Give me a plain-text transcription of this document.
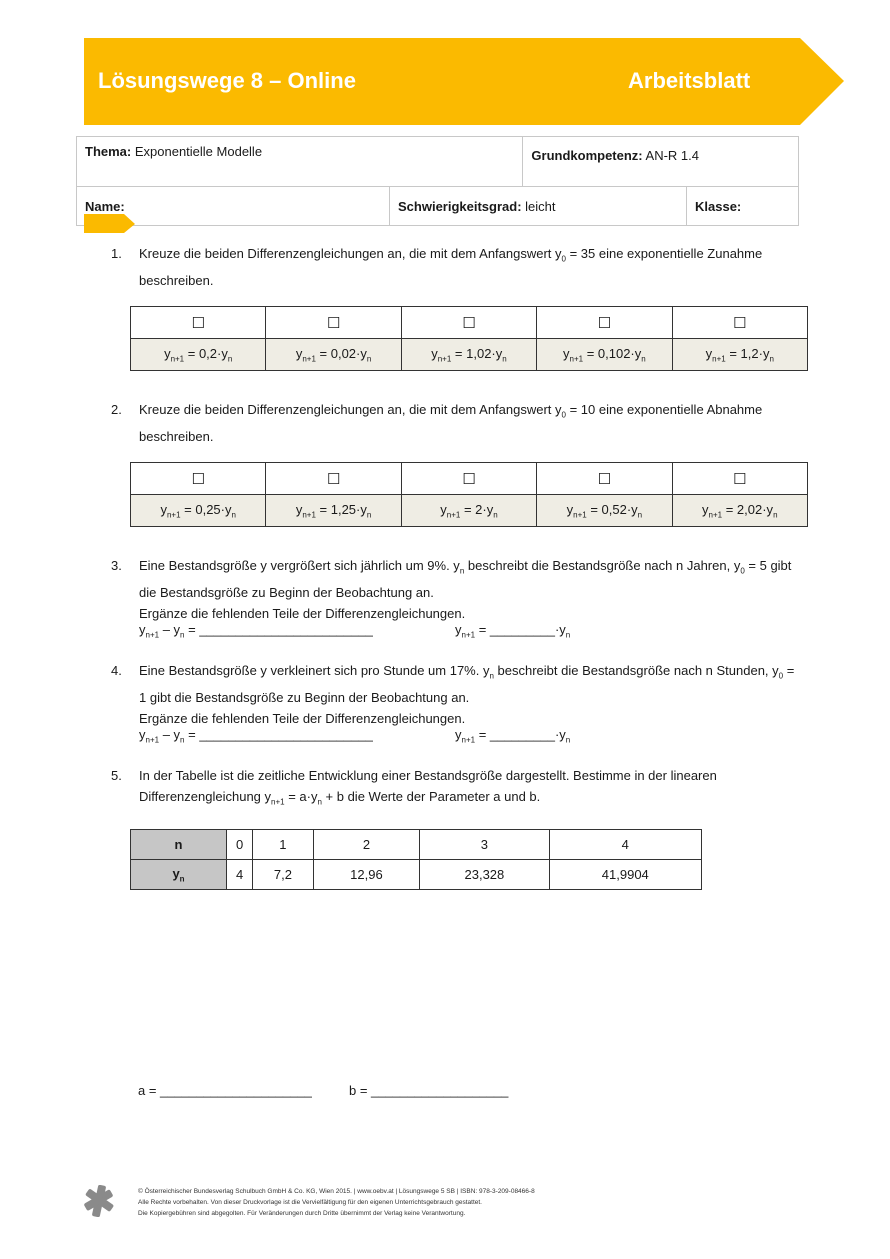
Lösungswege 8 – Online	Arbeitsblatt
Thema: Exponentielle Modelle		Grundkompetenz: AN-R 1.4	
Name:	Schwierigkeitsgrad: leicht		Klasse:
1. Kreuze die beiden Differenzengleichungen an, die mit dem Anfangswert $y_0 = 35$ eine exponentielle Zunahme beschreiben.
☐	☐	☐	☐	☐
$y_{n+1} = 0,2\cdot y_n$	$y_{n+1} = 0,02\cdot y_n$	$y_{n+1} = 1,02\cdot y_n$	$y_{n+1} = 0,102\cdot y_n$	$y_{n+1} = 1,2\cdot y_n$
2. Kreuze die beiden Differenzengleichungen an, die mit dem Anfangswert $y_0 = 10$ eine exponentielle Abnahme beschreiben.
☐	☐	☐	☐	☐
$y_{n+1} = 0,25\cdot y_n$	$y_{n+1} = 1,25\cdot y_n$	$y_{n+1} = 2\cdot y_n$	$y_{n+1} = 0,52\cdot y_n$	$y_{n+1} = 2,02\cdot y_n$
3. Eine Bestandsgröße y vergrößert sich jährlich um 9%. $y_n$ beschreibt die Bestandsgröße nach n Jahren, $y_0 = 5$ gibt die Bestandsgröße zu Beginn der Beobachtung an.
Ergänze die fehlenden Teile der Differenzengleichungen.
$y_{n+1} - y_n$ = ________________________	$y_{n+1}$ = $\_\_\_\_\_\_\_\_\_\cdot y_n$
4. Eine Bestandsgröße y verkleinert sich pro Stunde um 17%. $y_n$ beschreibt die Bestandsgröße nach n Stunden, $y_0 = 1$ gibt die Bestandsgröße zu Beginn der Beobachtung an.
Ergänze die fehlenden Teile der Differenzengleichungen.
$y_{n+1} - y_n$ = ________________________	$y_{n+1}$ = $\_\_\_\_\_\_\_\_\_\cdot y_n$
5. In der Tabelle ist die zeitliche Entwicklung einer Bestandsgröße dargestellt. Bestimme in der linearen Differenzengleichung $y_{n+1} = a\cdot y_n + b$ die Werte der Parameter a und b.
n	0	1	2	3	4
$y_n$	4	7,2	12,96	23,328	41,9904
a = _____________________	b = ___________________
© Österreichischer Bundesverlag Schulbuch GmbH & Co. KG, Wien 2015. | www.oebv.at | Lösungswege 5 SB | ISBN: 978-3-209-08466-8
Alle Rechte vorbehalten. Von dieser Druckvorlage ist die Vervielfältigung für den eigenen Unterrichtsgebrauch gestattet.
Die Kopiergebühren sind abgegolten. Für Veränderungen durch Dritte übernimmt der Verlag keine Verantwortung.
